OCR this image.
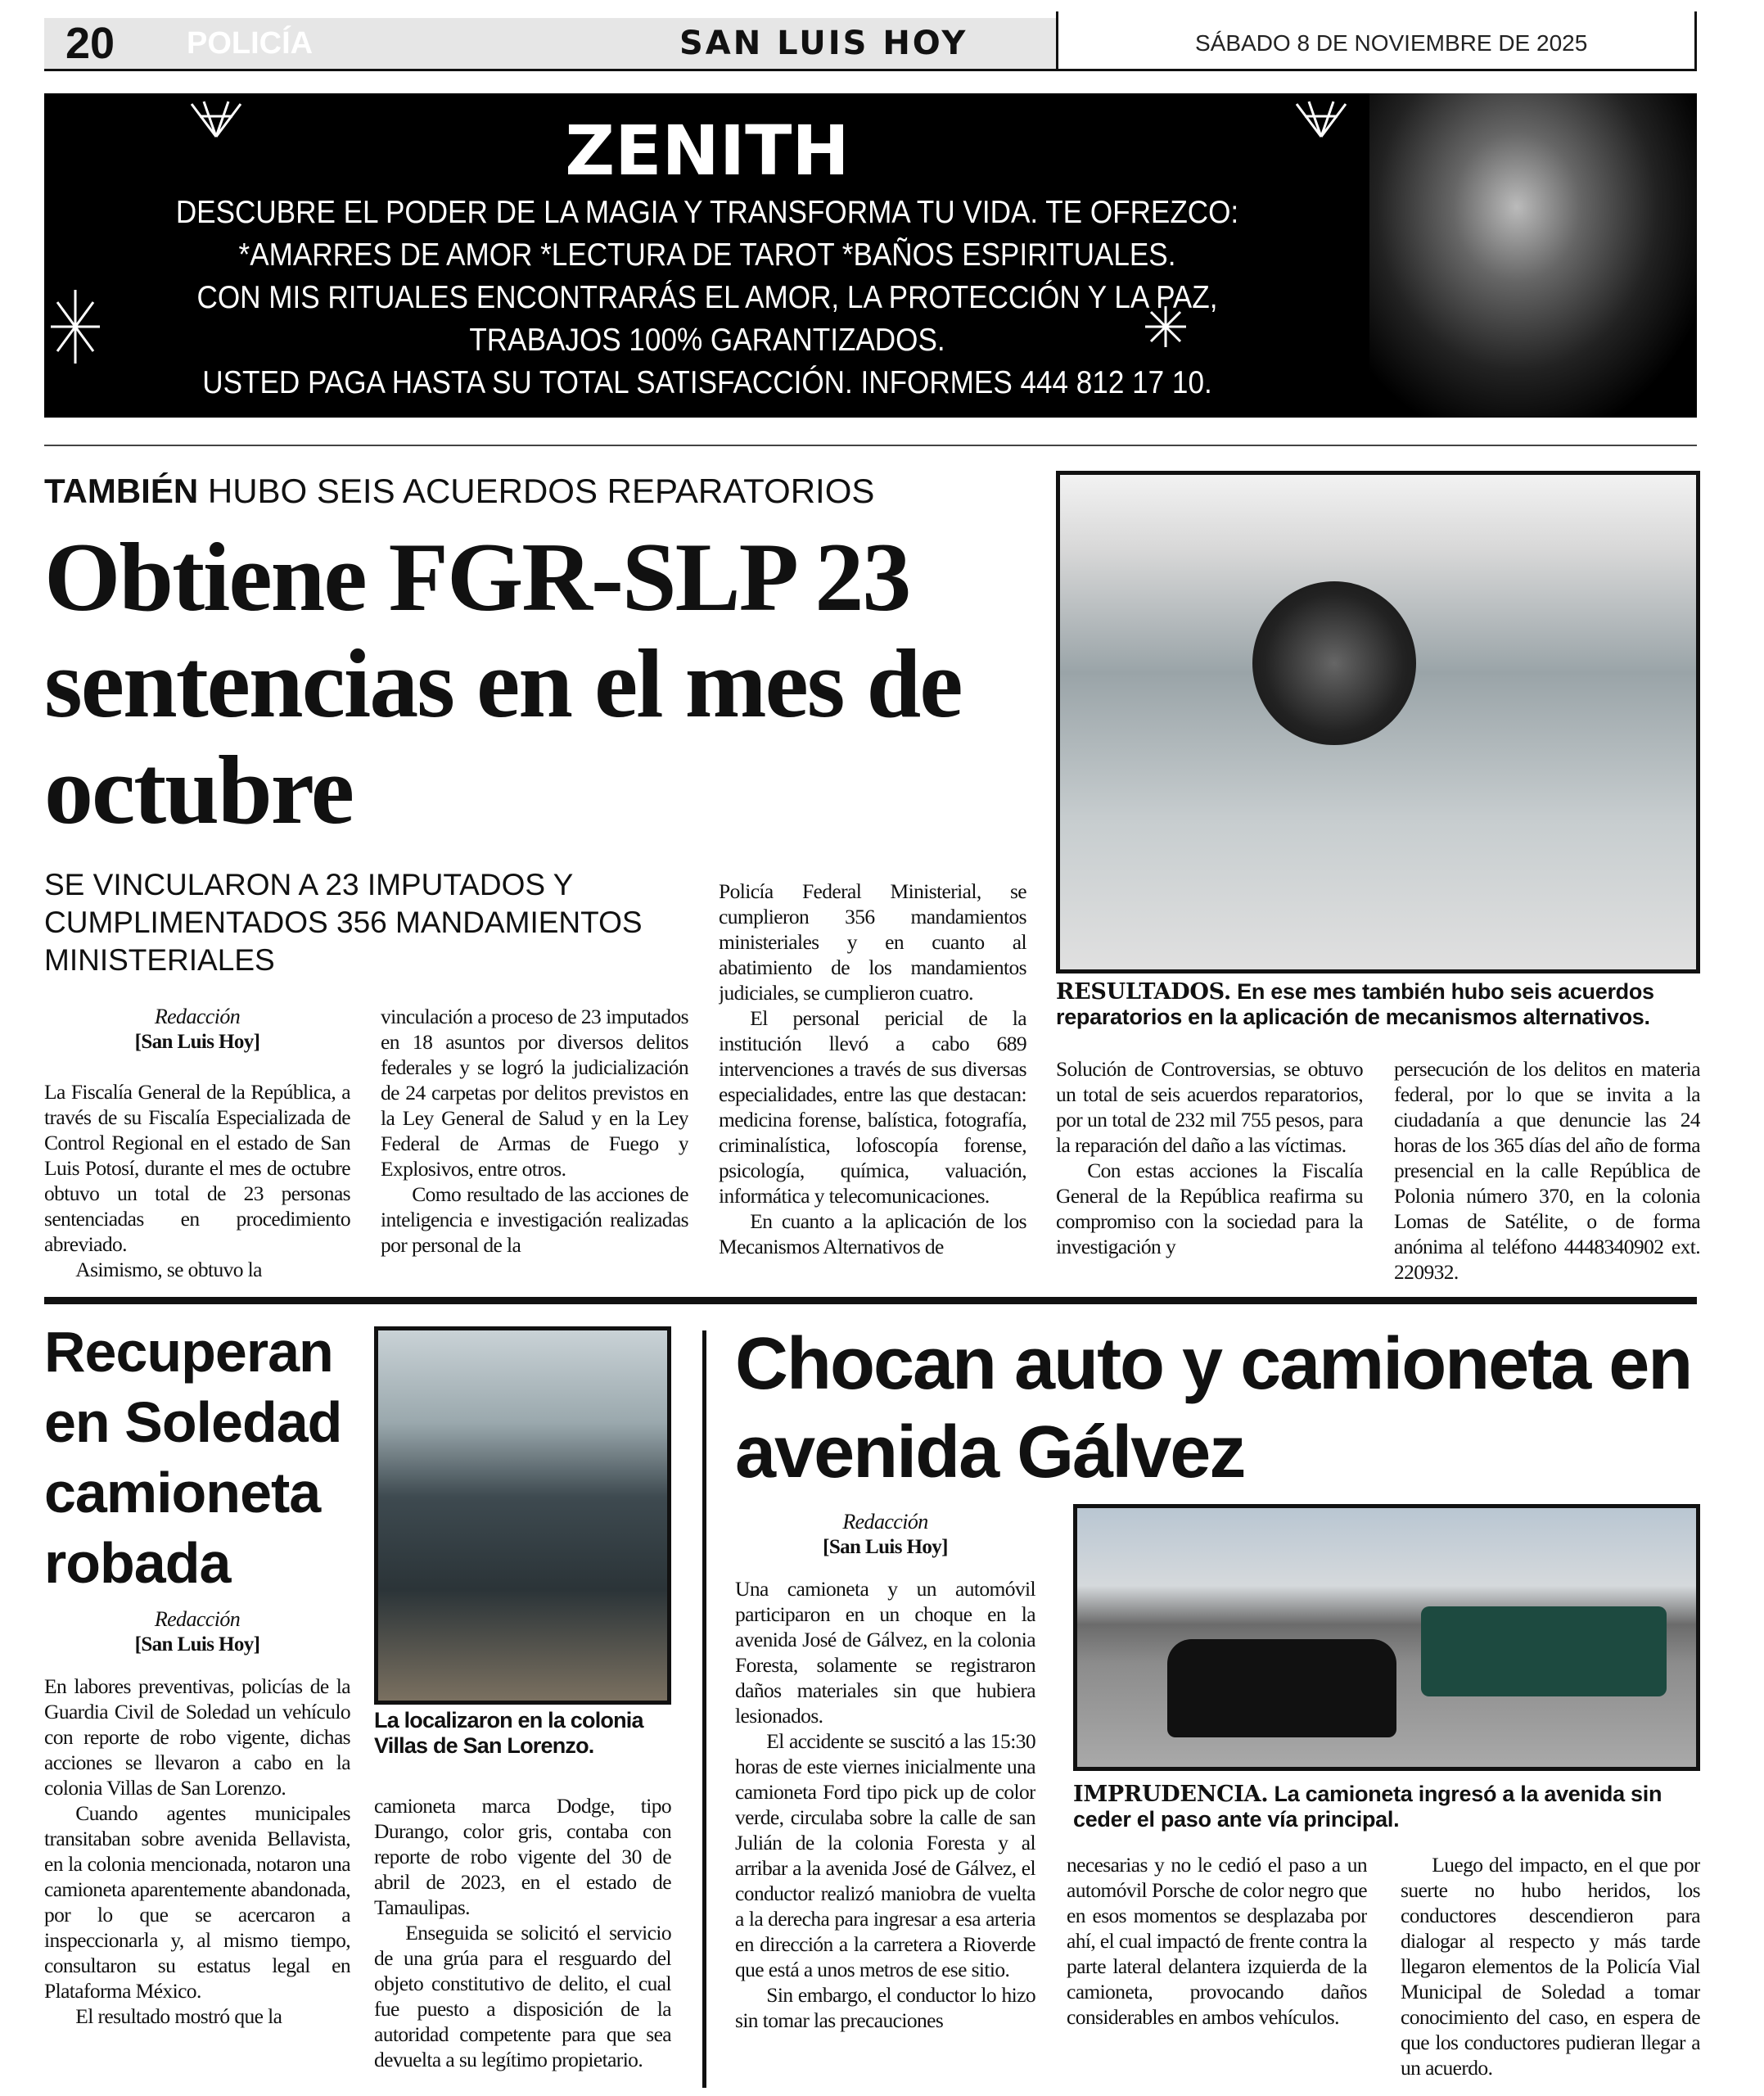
20 POLICÍA	SAN LUIS HOY	SÁBADO 8 DE NOVIEMBRE DE 2025
ZENITH
DESCUBRE EL PODER DE LA MAGIA Y TRANSFORMA TU VIDA. TE OFREZCO:
*AMARRES DE AMOR *LECTURA DE TAROT *BAÑOS ESPIRITUALES.
CON MIS RITUALES ENCONTRARÁS EL AMOR, LA PROTECCIÓN Y LA PAZ,
TRABAJOS 100% GARANTIZADOS.
USTED PAGA HASTA SU TOTAL SATISFACCIÓN. INFORMES 444 812 17 10.
TAMBIÉN HUBO SEIS ACUERDOS REPARATORIOS
Obtiene FGR-SLP 23 sentencias en el mes de octubre
SE VINCULARON A 23 IMPUTADOS Y CUMPLIMENTADOS 356 MANDAMIENTOS MINISTERIALES
RESULTADOS. En ese mes también hubo seis acuerdos reparatorios en la aplicación de mecanismos alternativos.
Redacción
[San Luis Hoy]

La Fiscalía General de la República, a través de su Fiscalía Especializada de Control Regional en el estado de San Luis Potosí, durante el mes de octubre obtuvo un total de 23 personas sentenciadas en procedimiento abreviado.

Asimismo, se obtuvo la

vinculación a proceso de 23 imputados en 18 asuntos por diversos delitos federales y se logró la judicialización de 24 carpetas por delitos previstos en la Ley General de Salud y en la Ley Federal de Armas de Fuego y Explosivos, entre otros.

Como resultado de las acciones de inteligencia e investigación realizadas por personal de la

Policía Federal Ministerial, se cumplieron 356 mandamientos ministeriales y en cuanto al abatimiento de los mandamientos judiciales, se cumplieron cuatro.

El personal pericial de la institución llevó a cabo 689 intervenciones a través de sus diversas especialidades, entre las que destacan: medicina forense, balística, fotografía, criminalística, lofoscopía forense, psicología, química, valuación, informática y telecomunicaciones.

En cuanto a la aplicación de los Mecanismos Alternativos de

Solución de Controversias, se obtuvo un total de seis acuerdos reparatorios, por un total de 232 mil 755 pesos, para la reparación del daño a las víctimas.

Con estas acciones la Fiscalía General de la República reafirma su compromiso con la sociedad para la investigación y

persecución de los delitos en materia federal, por lo que se invita a la ciudadanía a que denuncie las 24 horas de los 365 días del año de forma presencial en la calle República de Polonia número 370, en la colonia Lomas de Satélite, o de forma anónima al teléfono 4448340902 ext. 220932.

Recuperan en Soledad camioneta robada
La localizaron en la colonia Villas de San Lorenzo.
Redacción
[San Luis Hoy]

En labores preventivas, policías de la Guardia Civil de Soledad un vehículo con reporte de robo vigente, dichas acciones se llevaron a cabo en la colonia Villas de San Lorenzo.

Cuando agentes municipales transitaban sobre avenida Bellavista, en la colonia mencionada, notaron una camioneta aparentemente abandonada, por lo que se acercaron a inspeccionarla y, al mismo tiempo, consultaron su estatus legal en Plataforma México.

El resultado mostró que la

camioneta marca Dodge, tipo Durango, color gris, contaba con reporte de robo vigente del 30 de abril de 2023, en el estado de Tamaulipas.

Enseguida se solicitó el servicio de una grúa para el resguardo del objeto constitutivo de delito, el cual fue puesto a disposición de la autoridad competente para que sea devuelta a su legítimo propietario.

Chocan auto y camioneta en avenida Gálvez
Redacción
[San Luis Hoy]

Una camioneta y un automóvil participaron en un choque en la avenida José de Gálvez, en la colonia Foresta, solamente se registraron daños materiales sin que hubiera lesionados.

El accidente se suscitó a las 15:30 horas de este viernes inicialmente una camioneta Ford tipo pick up de color verde, circulaba sobre la calle de san Julián de la colonia Foresta y al arribar a la avenida José de Gálvez, el conductor realizó maniobra de vuelta a la derecha para ingresar a esa arteria en dirección a la carretera a Rioverde que está a unos metros de ese sitio.

Sin embargo, el conductor lo hizo sin tomar las precauciones

IMPRUDENCIA. La camioneta ingresó a la avenida sin ceder el paso ante vía principal.

necesarias y no le cedió el paso a un automóvil Porsche de color negro que en esos momentos se desplazaba por ahí, el cual impactó de frente contra la parte lateral delantera izquierda de la camioneta, provocando daños considerables en ambos vehículos.

Luego del impacto, en el que por suerte no hubo heridos, los conductores descendieron para dialogar al respecto y más tarde llegaron elementos de la Policía Vial Municipal de Soledad a tomar conocimiento del caso, en espera de que los conductores pudieran llegar a un acuerdo.
